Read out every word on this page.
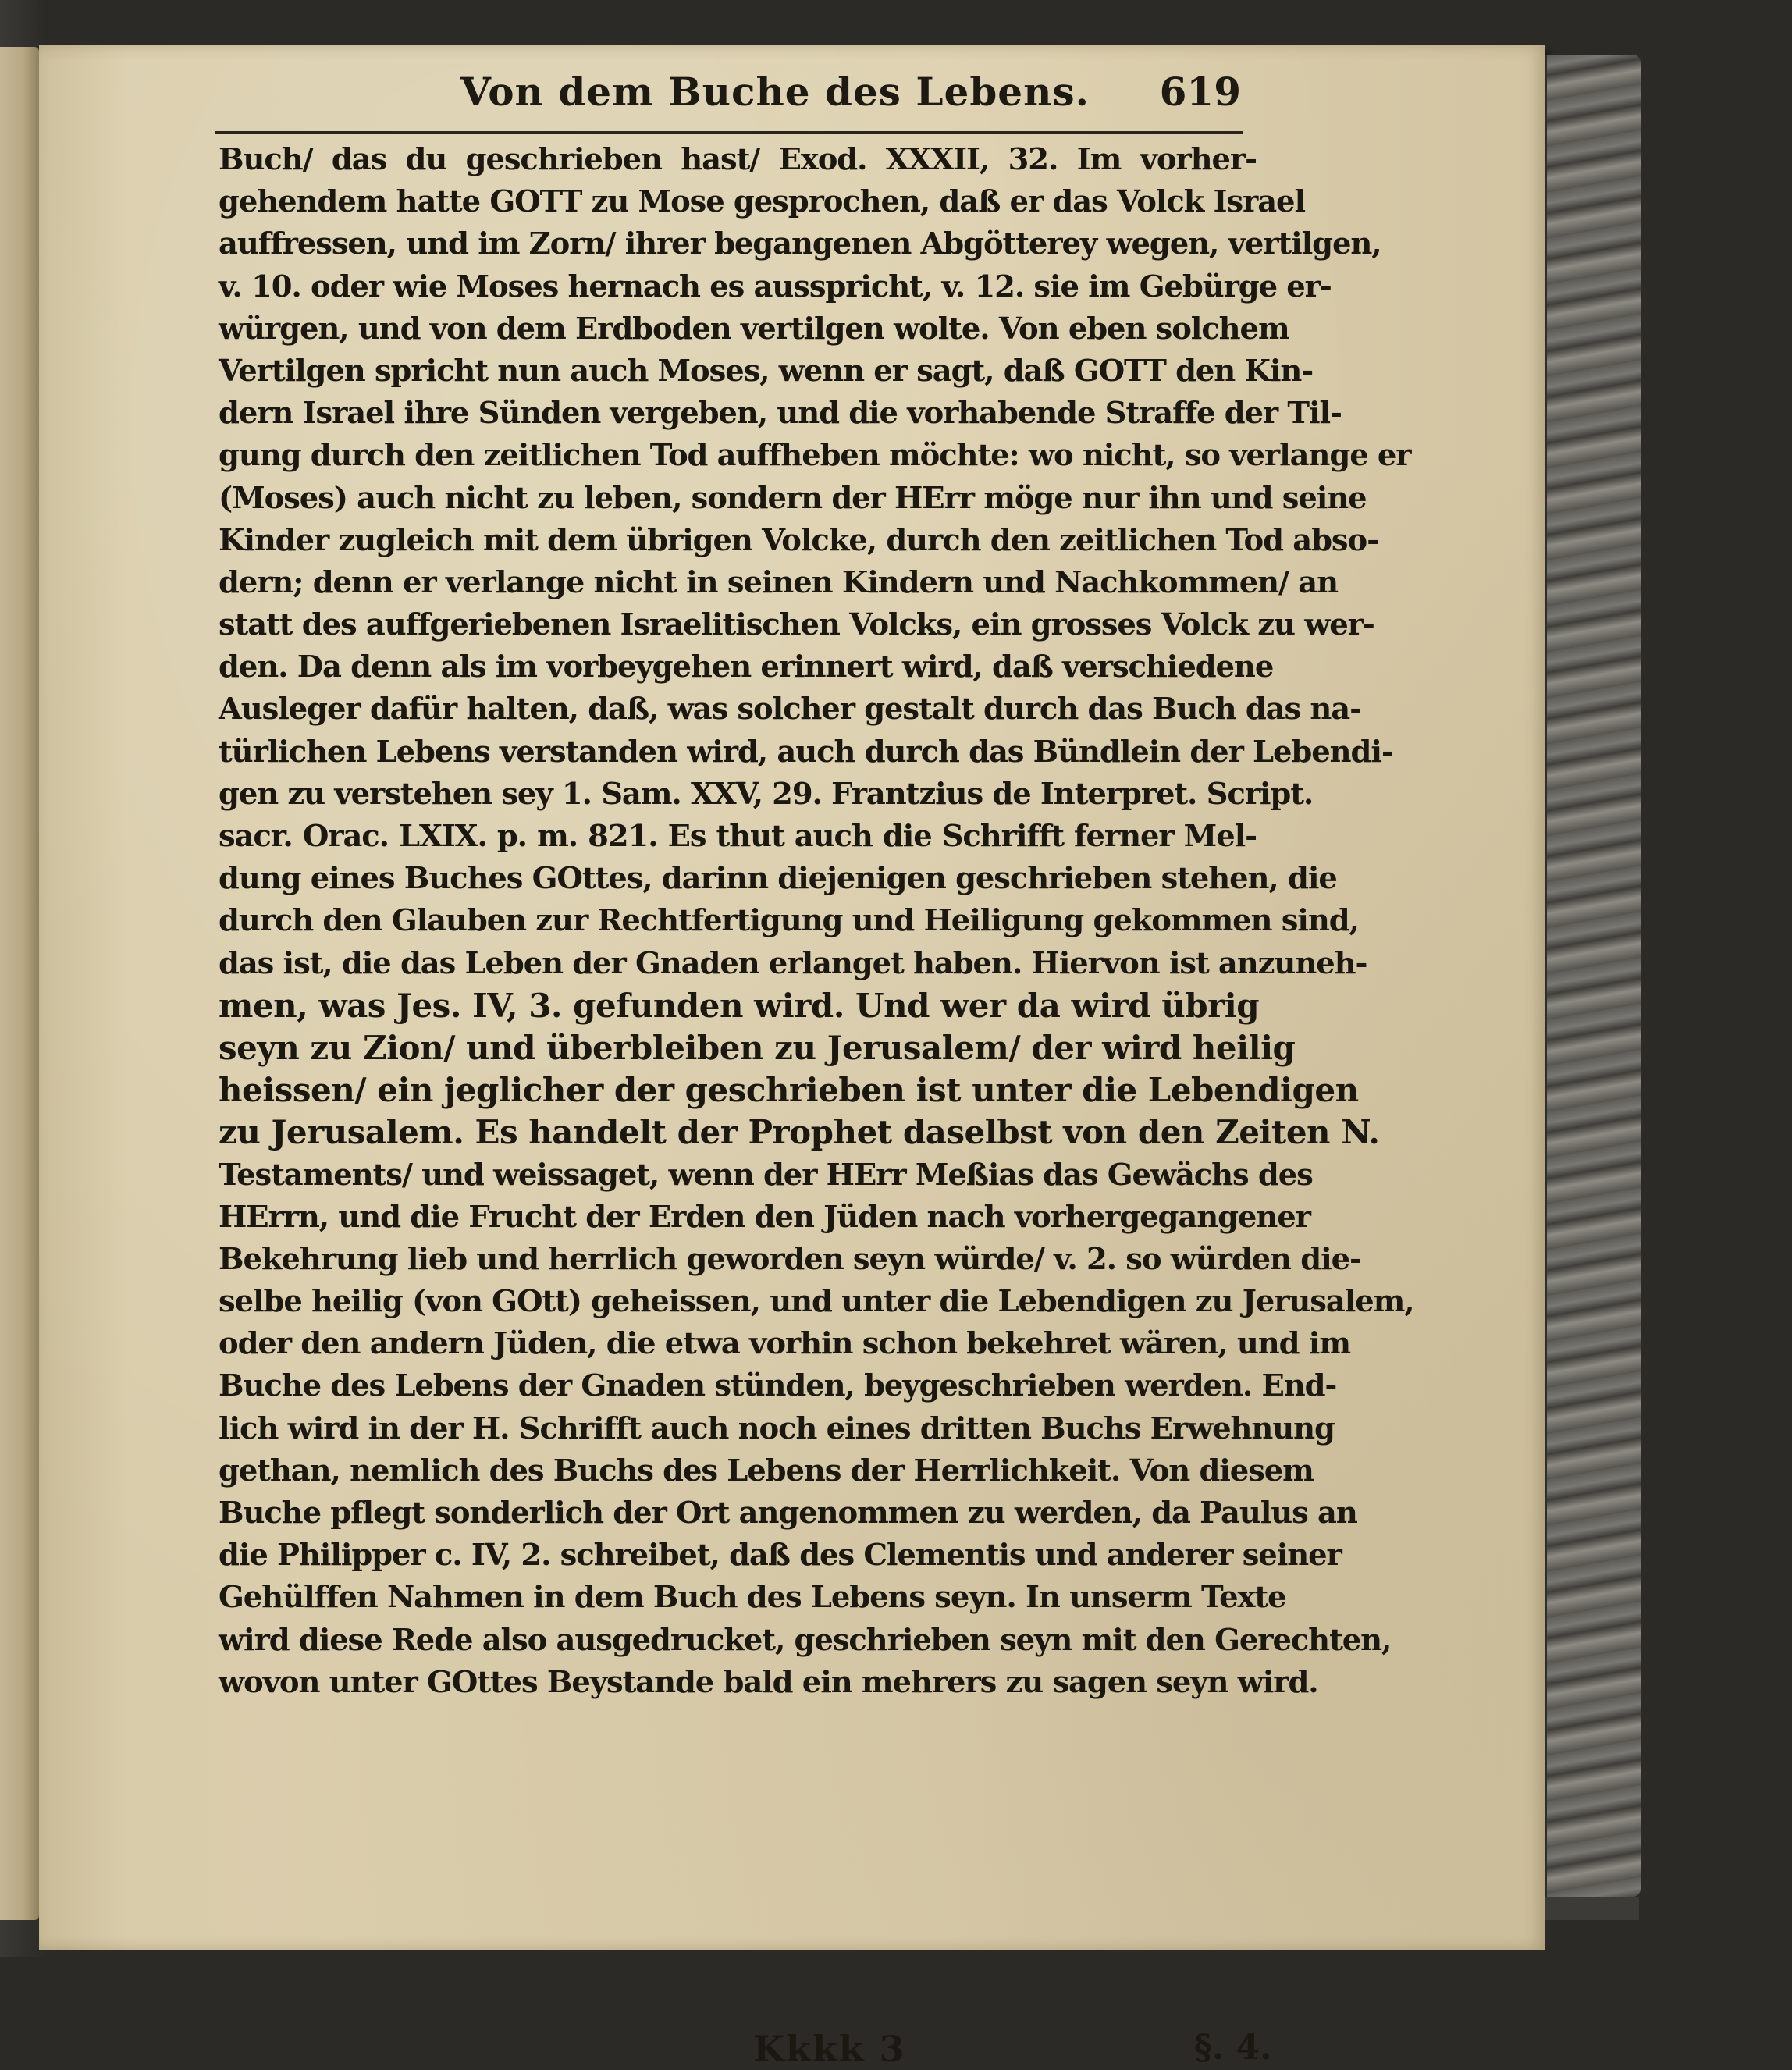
Von dem Buche des Lebens. 619
Buch/ das du geschrieben hast/ Exod. XXXII, 32. Im vorher-
gehendem hatte GOTT zu Mose gesprochen, daß er das Volck Israel
auffressen, und im Zorn/ ihrer begangenen Abgötterey wegen, vertilgen,
v. 10. oder wie Moses hernach es ausspricht, v. 12. sie im Gebürge er-
würgen, und von dem Erdboden vertilgen wolte. Von eben solchem
Vertilgen spricht nun auch Moses, wenn er sagt, daß GOTT den Kin-
dern Israel ihre Sünden vergeben, und die vorhabende Straffe der Til-
gung durch den zeitlichen Tod auffheben möchte: wo nicht, so verlange er
(Moses) auch nicht zu leben, sondern der HErr möge nur ihn und seine
Kinder zugleich mit dem übrigen Volcke, durch den zeitlichen Tod abso-
dern; denn er verlange nicht in seinen Kindern und Nachkommen/ an
statt des auffgeriebenen Israelitischen Volcks, ein grosses Volck zu wer-
den. Da denn als im vorbeygehen erinnert wird, daß verschiedene
Ausleger dafür halten, daß, was solcher gestalt durch das Buch das na-
türlichen Lebens verstanden wird, auch durch das Bündlein der Lebendi-
gen zu verstehen sey 1. Sam. XXV, 29. Frantzius de Interpret. Script.
sacr. Orac. LXIX. p. m. 821. Es thut auch die Schrifft ferner Mel-
dung eines Buches GOttes, darinn diejenigen geschrieben stehen, die
durch den Glauben zur Rechtfertigung und Heiligung gekommen sind,
das ist, die das Leben der Gnaden erlanget haben. Hiervon ist anzuneh-
men, was Jes. IV, 3. gefunden wird. Und wer da wird übrig
seyn zu Zion/ und überbleiben zu Jerusalem/ der wird heilig
heissen/ ein jeglicher der geschrieben ist unter die Lebendigen
zu Jerusalem. Es handelt der Prophet daselbst von den Zeiten N.
Testaments/ und weissaget, wenn der HErr Meßias das Gewächs des
HErrn, und die Frucht der Erden den Jüden nach vorhergegangener
Bekehrung lieb und herrlich geworden seyn würde/ v. 2. so würden die-
selbe heilig (von GOtt) geheissen, und unter die Lebendigen zu Jerusalem,
oder den andern Jüden, die etwa vorhin schon bekehret wären, und im
Buche des Lebens der Gnaden stünden, beygeschrieben werden. End-
lich wird in der H. Schrifft auch noch eines dritten Buchs Erwehnung
gethan, nemlich des Buchs des Lebens der Herrlichkeit. Von diesem
Buche pflegt sonderlich der Ort angenommen zu werden, da Paulus an
die Philipper c. IV, 2. schreibet, daß des Clementis und anderer seiner
Gehülffen Nahmen in dem Buch des Lebens seyn. In unserm Texte
wird diese Rede also ausgedrucket, geschrieben seyn mit den Gerechten,
wovon unter GOttes Beystande bald ein mehrers zu sagen seyn wird.
Kkkk 3	§. 4.
